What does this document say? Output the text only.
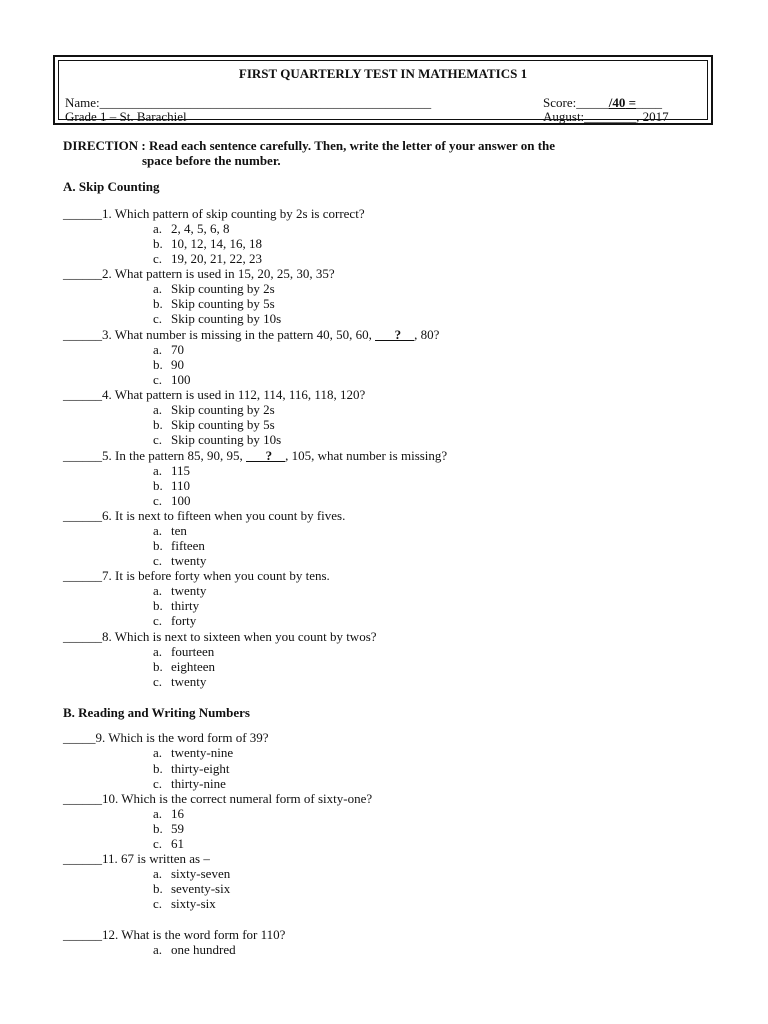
FIRST QUARTERLY TEST IN MATHEMATICS 1
Name:___________________________________________________	Score:_____/40 =____
Grade 1 – St. Barachiel	August:________, 2017
DIRECTION : Read each sentence carefully. Then, write the letter of your answer on the
space before the number.
A. Skip Counting
______1. Which pattern of skip counting by 2s is correct?
a. 2, 4, 5, 6, 8
b. 10, 12, 14, 16, 18
c. 19, 20, 21, 22, 23
______2. What pattern is used in 15, 20, 25, 30, 35?
a. Skip counting by 2s
b. Skip counting by 5s
c. Skip counting by 10s
______3. What number is missing in the pattern 40, 50, 60, ___?__, 80?
a. 70
b. 90
c. 100
______4. What pattern is used in 112, 114, 116, 118, 120?
a. Skip counting by 2s
b. Skip counting by 5s
c. Skip counting by 10s
______5. In the pattern 85, 90, 95, ___?__, 105, what number is missing?
a. 115
b. 110
c. 100
______6. It is next to fifteen when you count by fives.
a. ten
b. fifteen
c. twenty
______7. It is before forty when you count by tens.
a. twenty
b. thirty
c. forty
______8. Which is next to sixteen when you count by twos?
a. fourteen
b. eighteen
c. twenty
B. Reading and Writing Numbers
_____9. Which is the word form of 39?
a. twenty-nine
b. thirty-eight
c. thirty-nine
______10. Which is the correct numeral form of sixty-one?
a. 16
b. 59
c. 61
______11. 67 is written as –
a. sixty-seven
b. seventy-six
c. sixty-six
______12. What is the word form for 110?
a. one hundred
